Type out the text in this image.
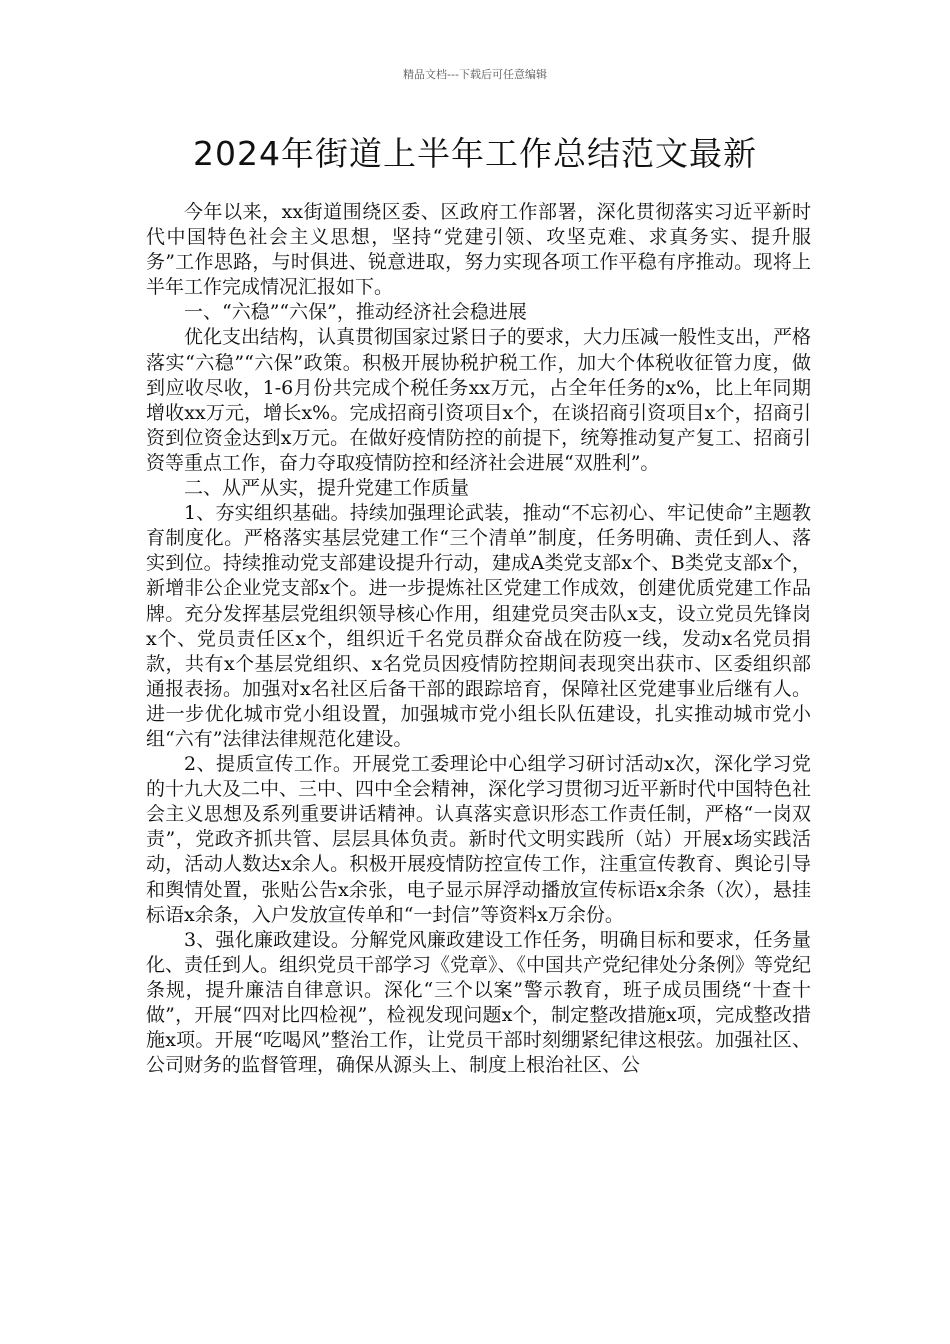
精品文档---下载后可任意编辑
2024年街道上半年工作总结范文最新

今年以来，xx街道围绕区委、区政府工作部署，深化贯彻落实习近平新时代中国特色社会主义思想，坚持“党建引领、攻坚克难、求真务实、提升服务”工作思路，与时俱进、锐意进取，努力实现各项工作平稳有序推动。现将上半年工作完成情况汇报如下。

一、“六稳”“六保”，推动经济社会稳进展

优化支出结构，认真贯彻国家过紧日子的要求，大力压减一般性支出，严格落实“六稳”“六保”政策。积极开展协税护税工作，加大个体税收征管力度，做到应收尽收，1-6月份共完成个税任务xx万元，占全年任务的x%，比上年同期增收xx万元，增长x%。完成招商引资项目x个，在谈招商引资项目x个，招商引资到位资金达到x万元。在做好疫情防控的前提下，统筹推动复产复工、招商引资等重点工作，奋力夺取疫情防控和经济社会进展“双胜利”。

二、从严从实，提升党建工作质量

1、夯实组织基础。持续加强理论武装，推动“不忘初心、牢记使命”主题教育制度化。严格落实基层党建工作“三个清单”制度，任务明确、责任到人、落实到位。持续推动党支部建设提升行动，建成A类党支部x个、B类党支部x个，新增非公企业党支部x个。进一步提炼社区党建工作成效，创建优质党建工作品牌。充分发挥基层党组织领导核心作用，组建党员突击队x支，设立党员先锋岗x个、党员责任区x个，组织近千名党员群众奋战在防疫一线，发动x名党员捐款，共有x个基层党组织、x名党员因疫情防控期间表现突出获市、区委组织部通报表扬。加强对x名社区后备干部的跟踪培育，保障社区党建事业后继有人。进一步优化城市党小组设置，加强城市党小组长队伍建设，扎实推动城市党小组“六有”法律法律规范化建设。

2、提质宣传工作。开展党工委理论中心组学习研讨活动x次，深化学习党的十九大及二中、三中、四中全会精神，深化学习贯彻习近平新时代中国特色社会主义思想及系列重要讲话精神。认真落实意识形态工作责任制，严格“一岗双责”，党政齐抓共管、层层具体负责。新时代文明实践所（站）开展x场实践活动，活动人数达x余人。积极开展疫情防控宣传工作，注重宣传教育、舆论引导和舆情处置，张贴公告x余张，电子显示屏浮动播放宣传标语x余条（次），悬挂标语x余条，入户发放宣传单和“一封信”等资料x万余份。

3、强化廉政建设。分解党风廉政建设工作任务，明确目标和要求，任务量化、责任到人。组织党员干部学习《党章》、《中国共产党纪律处分条例》等党纪条规，提升廉洁自律意识。深化“三个以案”警示教育，班子成员围绕“十查十做”，开展“四对比四检视”，检视发现问题x个，制定整改措施x项，完成整改措施x项。开展“吃喝风”整治工作，让党员干部时刻绷紧纪律这根弦。加强社区、公司财务的监督管理，确保从源头上、制度上根治社区、公
